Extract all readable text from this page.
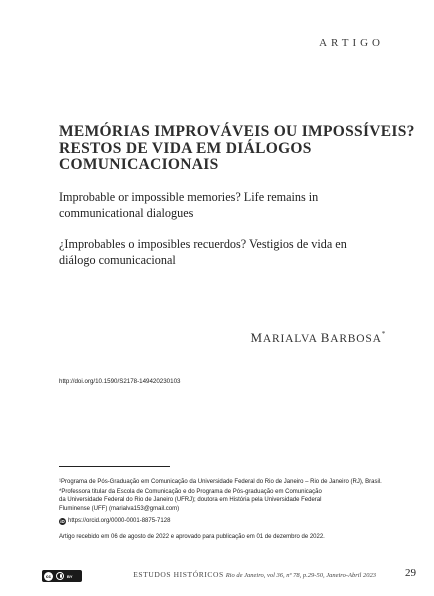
ARTIGO
MEMÓRIAS IMPROVÁVEIS OU IMPOSSÍVEIS?
RESTOS DE VIDA EM DIÁLOGOS
COMUNICACIONAIS
Improbable or impossible memories? Life remains in
communicational dialogues
¿Improbables o imposibles recuerdos? Vestigios de vida en
diálogo comunicacional
MARIALVA BARBOSA*
http://doi.org/10.1590/S2178-149420230103
¹Programa de Pós-Graduação em Comunicação da Universidade Federal do Rio de Janeiro – Rio de Janeiro (RJ), Brasil.
*Professora titular da Escola de Comunicação e do Programa de Pós-graduação em Comunicação
da Universidade Federal do Rio de Janeiro (UFRJ); doutora em História pela Universidade Federal
Fluminense (UFF) (marialva153@gmail.com)
iD https://orcid.org/0000-0001-8875-7128
Artigo recebido em 06 de agosto de 2022 e aprovado para publicação em 01 de dezembro de 2022.
cc	BY	ESTUDOS HISTÓRICOS Rio de Janeiro, vol 36, nº 78, p.29-50, Janeiro-Abril 2023	29
